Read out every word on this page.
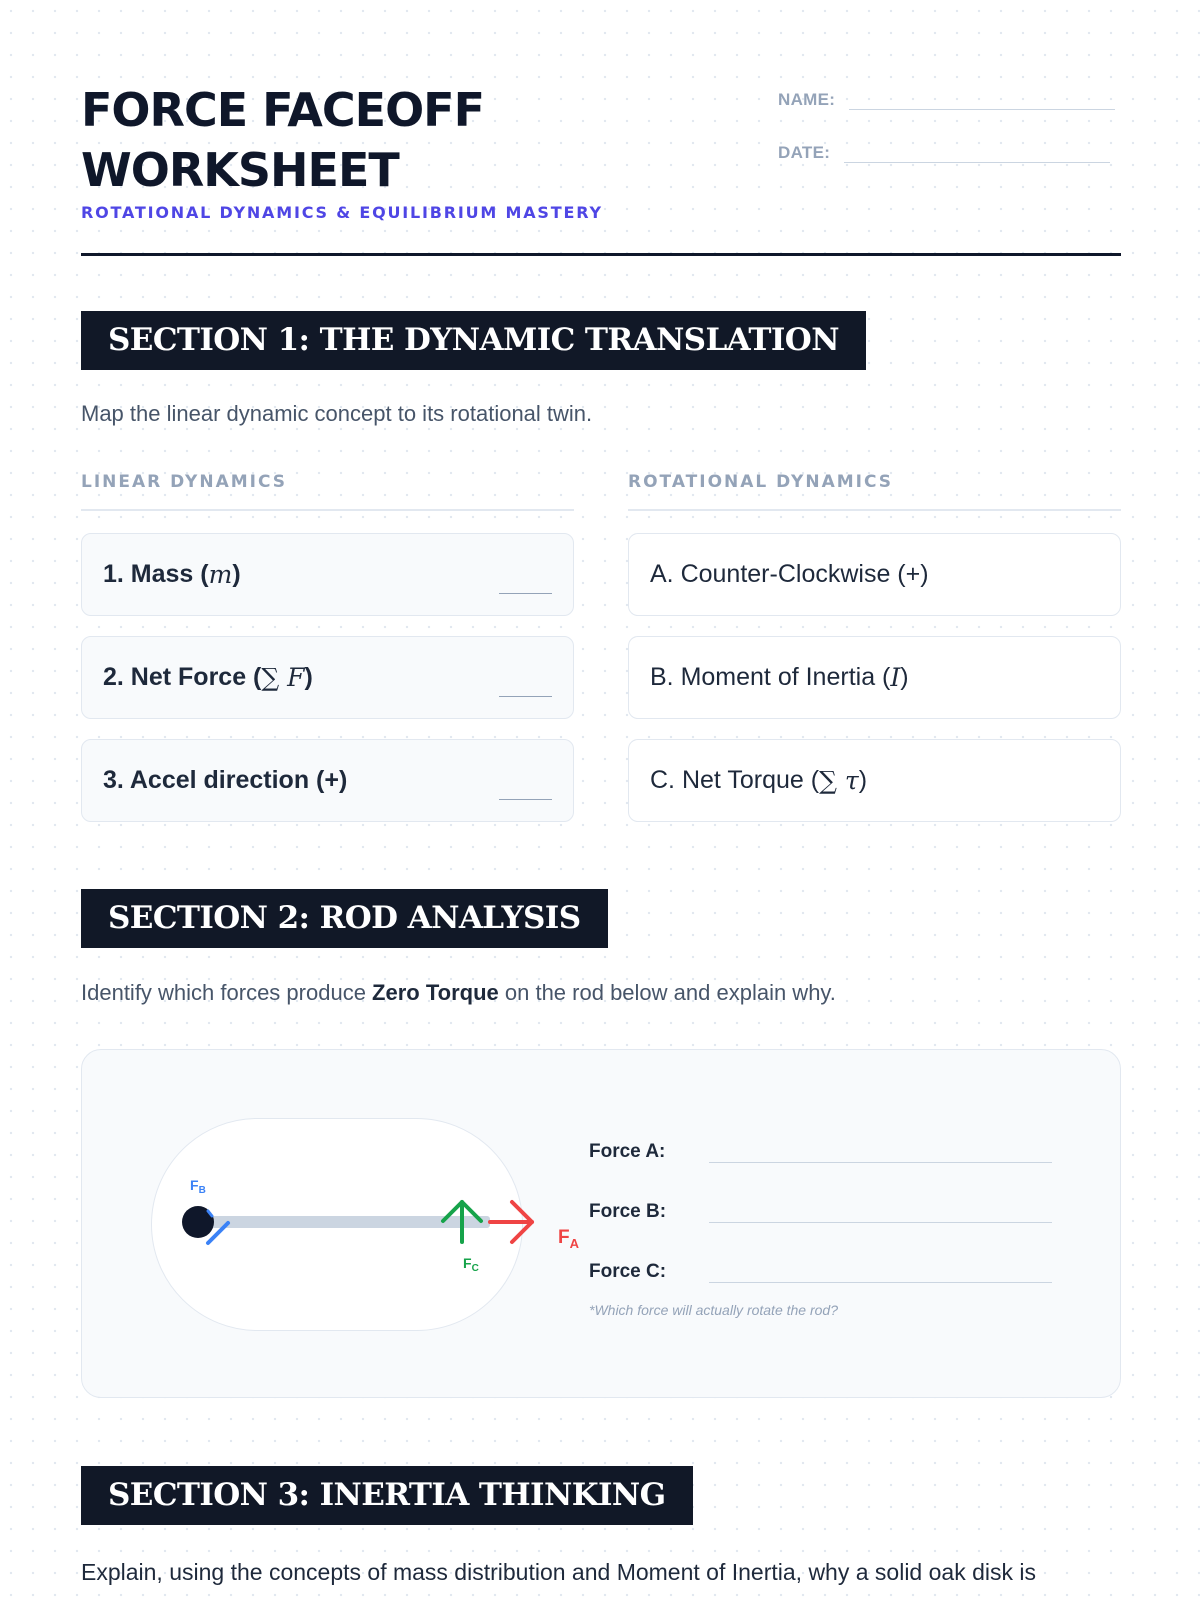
FORCE FACEOFF
WORKSHEET
ROTATIONAL DYNAMICS & EQUILIBRIUM MASTERY
NAME:
DATE:
SECTION 1: THE DYNAMIC TRANSLATION
Map the linear dynamic concept to its rotational twin.
LINEAR DYNAMICS	ROTATIONAL DYNAMICS
1. Mass ( m )
2. Net Force ( ∑ F )
3. Accel direction (+)
A. Counter-Clockwise (+)
B. Moment of Inertia ( I )
C. Net Torque ( ∑ τ )
SECTION 2: ROD ANALYSIS
Identify which forces produce Zero Torque on the rod below and explain why.
$F_B$
$F_C$
$F_A$
Force A:
Force B:
Force C:
*Which force will actually rotate the rod?
SECTION 3: INERTIA THINKING
Explain, using the concepts of mass distribution and Moment of Inertia, why a solid oak disk is
